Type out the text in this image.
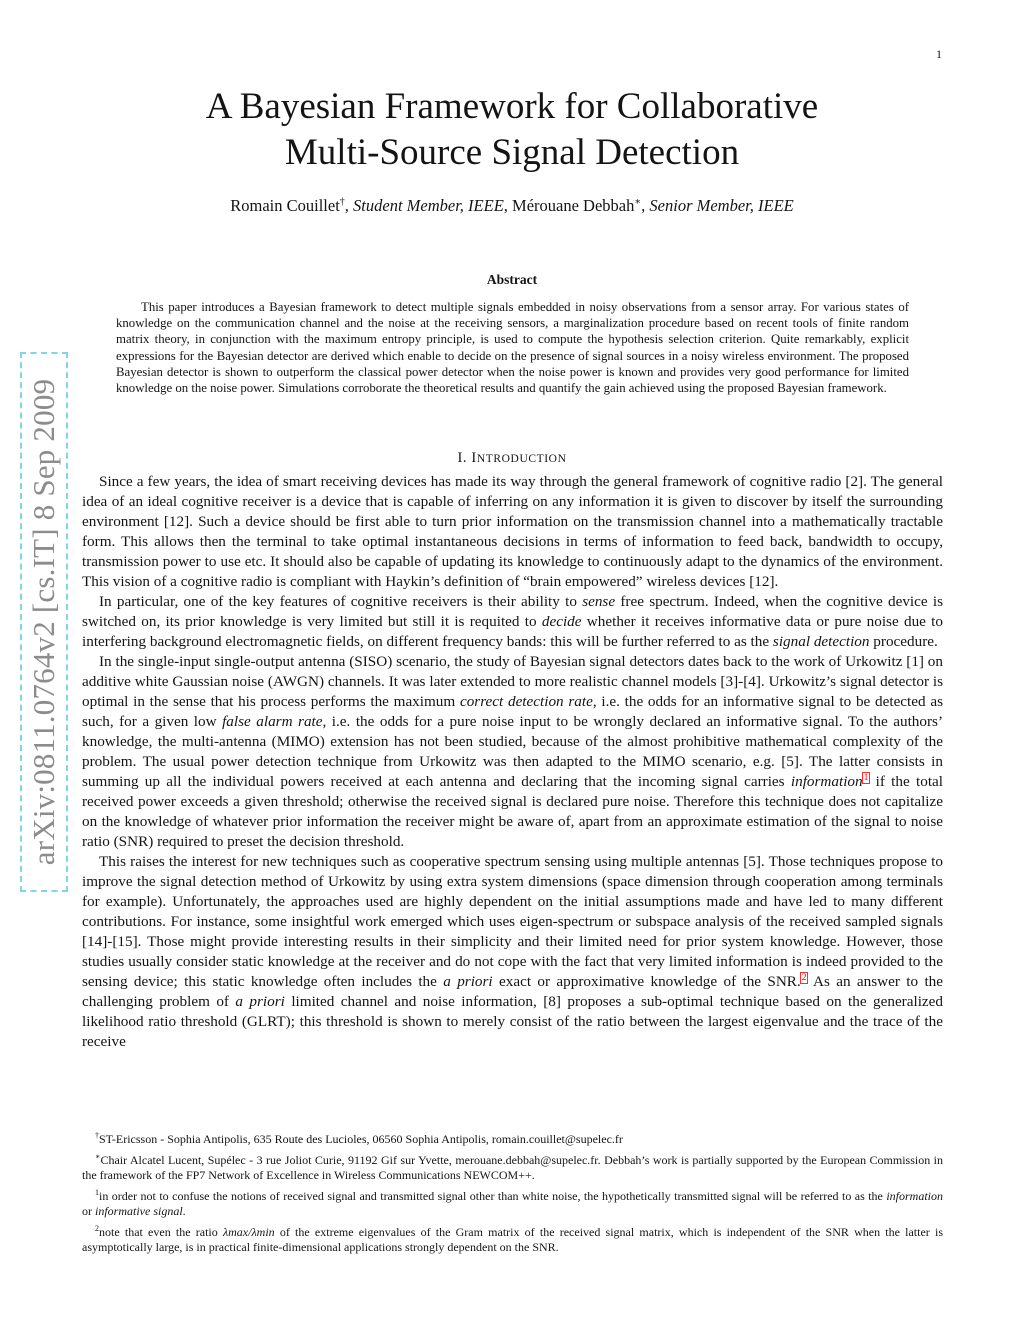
1
arXiv:0811.0764v2 [cs.IT] 8 Sep 2009
A Bayesian Framework for Collaborative
Multi-Source Signal Detection
Romain Couillet†, Student Member, IEEE, Mérouane Debbah∗, Senior Member, IEEE
Abstract

This paper introduces a Bayesian framework to detect multiple signals embedded in noisy observations from a sensor array. For various states of knowledge on the communication channel and the noise at the receiving sensors, a marginalization procedure based on recent tools of finite random matrix theory, in conjunction with the maximum entropy principle, is used to compute the hypothesis selection criterion. Quite remarkably, explicit expressions for the Bayesian detector are derived which enable to decide on the presence of signal sources in a noisy wireless environment. The proposed Bayesian detector is shown to outperform the classical power detector when the noise power is known and provides very good performance for limited knowledge on the noise power. Simulations corroborate the theoretical results and quantify the gain achieved using the proposed Bayesian framework.

I. INTRODUCTION

Since a few years, the idea of smart receiving devices has made its way through the general framework of cognitive radio [2]. The general idea of an ideal cognitive receiver is a device that is capable of inferring on any information it is given to discover by itself the surrounding environment [12]. Such a device should be first able to turn prior information on the transmission channel into a mathematically tractable form. This allows then the terminal to take optimal instantaneous decisions in terms of information to feed back, bandwidth to occupy, transmission power to use etc. It should also be capable of updating its knowledge to continuously adapt to the dynamics of the environment. This vision of a cognitive radio is compliant with Haykin’s definition of “brain empowered” wireless devices [12].

In particular, one of the key features of cognitive receivers is their ability to sense free spectrum. Indeed, when the cognitive device is switched on, its prior knowledge is very limited but still it is requited to decide whether it receives informative data or pure noise due to interfering background electromagnetic fields, on different frequency bands: this will be further referred to as the signal detection procedure.

In the single-input single-output antenna (SISO) scenario, the study of Bayesian signal detectors dates back to the work of Urkowitz [1] on additive white Gaussian noise (AWGN) channels. It was later extended to more realistic channel models [3]-[4]. Urkowitz’s signal detector is optimal in the sense that his process performs the maximum correct detection rate, i.e. the odds for an informative signal to be detected as such, for a given low false alarm rate, i.e. the odds for a pure noise input to be wrongly declared an informative signal. To the authors’ knowledge, the multi-antenna (MIMO) extension has not been studied, because of the almost prohibitive mathematical complexity of the problem. The usual power detection technique from Urkowitz was then adapted to the MIMO scenario, e.g. [5]. The latter consists in summing up all the individual powers received at each antenna and declaring that the incoming signal carries information$^1$ if the total received power exceeds a given threshold; otherwise the received signal is declared pure noise. Therefore this technique does not capitalize on the knowledge of whatever prior information the receiver might be aware of, apart from an approximate estimation of the signal to noise ratio (SNR) required to preset the decision threshold.

This raises the interest for new techniques such as cooperative spectrum sensing using multiple antennas [5]. Those techniques propose to improve the signal detection method of Urkowitz by using extra system dimensions (space dimension through cooperation among terminals for example). Unfortunately, the approaches used are highly dependent on the initial assumptions made and have led to many different contributions. For instance, some insightful work emerged which uses eigen-spectrum or subspace analysis of the received sampled signals [14]-[15]. Those might provide interesting results in their simplicity and their limited need for prior system knowledge. However, those studies usually consider static knowledge at the receiver and do not cope with the fact that very limited information is indeed provided to the sensing device; this static knowledge often includes the a priori exact or approximative knowledge of the SNR.$^2$ As an answer to the challenging problem of a priori limited channel and noise information, [8] proposes a sub-optimal technique based on the generalized likelihood ratio threshold (GLRT); this threshold is shown to merely consist of the ratio between the largest eigenvalue and the trace of the receive

†ST-Ericsson - Sophia Antipolis, 635 Route des Lucioles, 06560 Sophia Antipolis, romain.couillet@supelec.fr

∗Chair Alcatel Lucent, Supélec - 3 rue Joliot Curie, 91192 Gif sur Yvette, merouane.debbah@supelec.fr. Debbah’s work is partially supported by the European Commission in the framework of the FP7 Network of Excellence in Wireless Communications NEWCOM++.

$^1$in order not to confuse the notions of received signal and transmitted signal other than white noise, the hypothetically transmitted signal will be referred to as the information or informative signal.

$^2$note that even the ratio λmax/λmin of the extreme eigenvalues of the Gram matrix of the received signal matrix, which is independent of the SNR when the latter is asymptotically large, is in practical finite-dimensional applications strongly dependent on the SNR.
